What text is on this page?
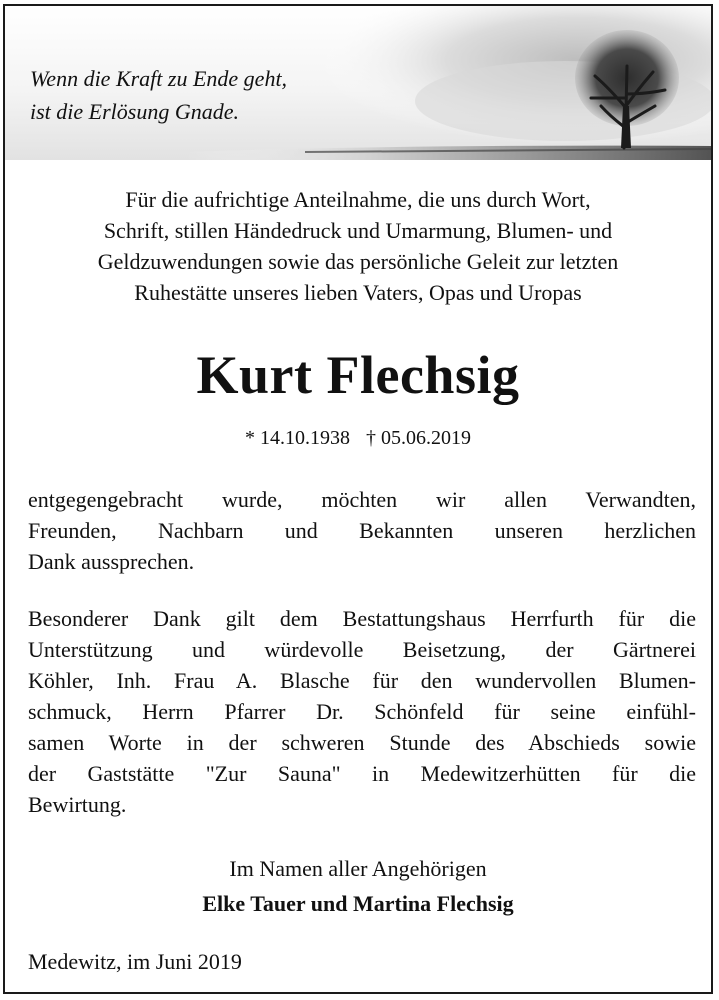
Wenn die Kraft zu Ende geht,
ist die Erlösung Gnade.

Für die aufrichtige Anteilnahme, die uns durch Wort,
Schrift, stillen Händedruck und Umarmung, Blumen- und
Geldzuwendungen sowie das persönliche Geleit zur letzten
Ruhestätte unseres lieben Vaters, Opas und Uropas

Kurt Flechsig
* 14.10.1938 † 05.06.2019

entgegengebracht wurde, möchten wir allen Verwandten,
Freunden, Nachbarn und Bekannten unseren herzlichen
Dank aussprechen.

Besonderer Dank gilt dem Bestattungshaus Herrfurth für die
Unterstützung und würdevolle Beisetzung, der Gärtnerei
Köhler, Inh. Frau A. Blasche für den wundervollen Blumen-
schmuck, Herrn Pfarrer Dr. Schönfeld für seine einfühl-
samen Worte in der schweren Stunde des Abschieds sowie
der Gaststätte "Zur Sauna" in Medewitzerhütten für die
Bewirtung.

Im Namen aller Angehörigen

Elke Tauer und Martina Flechsig

Medewitz, im Juni 2019
